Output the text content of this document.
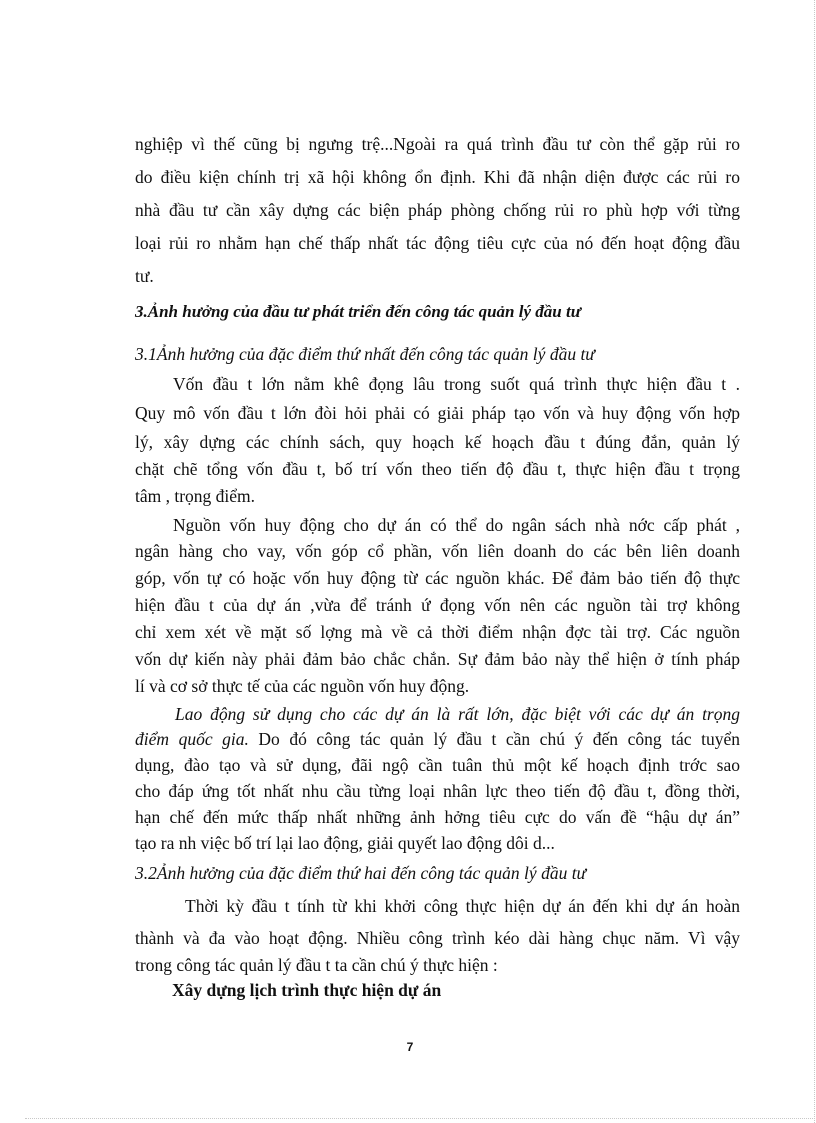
nghiệp vì thế cũng bị ngưng trệ...Ngoài ra quá trình đầu tư còn thể gặp rủi ro
do điều kiện chính trị xã hội không ổn định. Khi đã nhận diện được các rủi ro
nhà đầu tư cần xây dựng các biện pháp phòng chống rủi ro phù hợp với từng
loại rủi ro nhằm hạn chế thấp nhất tác động tiêu cực của nó đến hoạt động đầu
tư.
3.Ảnh hưởng của đầu tư phát triển đến công tác quản lý đầu tư
3.1Ảnh hưởng của đặc điểm thứ nhất đến công tác quản lý đầu tư
Vốn đầu t lớn nằm khê đọng lâu trong suốt quá trình thực hiện đầu t .
Quy mô vốn đầu t lớn đòi hỏi phải có giải pháp tạo vốn và huy động vốn hợp
lý, xây dựng các chính sách, quy hoạch kế hoạch đầu t đúng đắn, quản lý
chặt chẽ tổng vốn đầu t, bố trí vốn theo tiến độ đầu t, thực hiện đầu t trọng
tâm , trọng điểm.
Nguồn vốn huy động cho dự án có thể do ngân sách nhà nớc cấp phát ,
ngân hàng cho vay, vốn góp cổ phần, vốn liên doanh do các bên liên doanh
góp, vốn tự có hoặc vốn huy động từ các nguồn khác. Để đảm bảo tiến độ thực
hiện đầu t của dự án ,vừa để tránh ứ đọng vốn nên các nguồn tài trợ không
chỉ xem xét về mặt số lợng mà về cả thời điểm nhận đợc tài trợ. Các nguồn
vốn dự kiến này phải đảm bảo chắc chắn. Sự đảm bảo này thể hiện ở tính pháp
lí và cơ sở thực tế của các nguồn vốn huy động.
Lao động sử dụng cho các dự án là rất lớn, đặc biệt với các dự án trọng
điểm quốc gia. Do đó công tác quản lý đầu t cần chú ý đến công tác tuyển
dụng, đào tạo và sử dụng, đãi ngộ cần tuân thủ một kế hoạch định trớc sao
cho đáp ứng tốt nhất nhu cầu từng loại nhân lực theo tiến độ đầu t, đồng thời,
hạn chế đến mức thấp nhất những ảnh hởng tiêu cực do vấn đề “hậu dự án”
tạo ra nh việc bố trí lại lao động, giải quyết lao động dôi d...
3.2Ảnh hưởng của đặc điểm thứ hai đến công tác quản lý đầu tư
Thời kỳ đầu t tính từ khi khởi công thực hiện dự án đến khi dự án hoàn
thành và đa vào hoạt động. Nhiều công trình kéo dài hàng chục năm. Vì vậy
trong công tác quản lý đầu t ta cần chú ý thực hiện :
Xây dựng lịch trình thực hiện dự án
7
